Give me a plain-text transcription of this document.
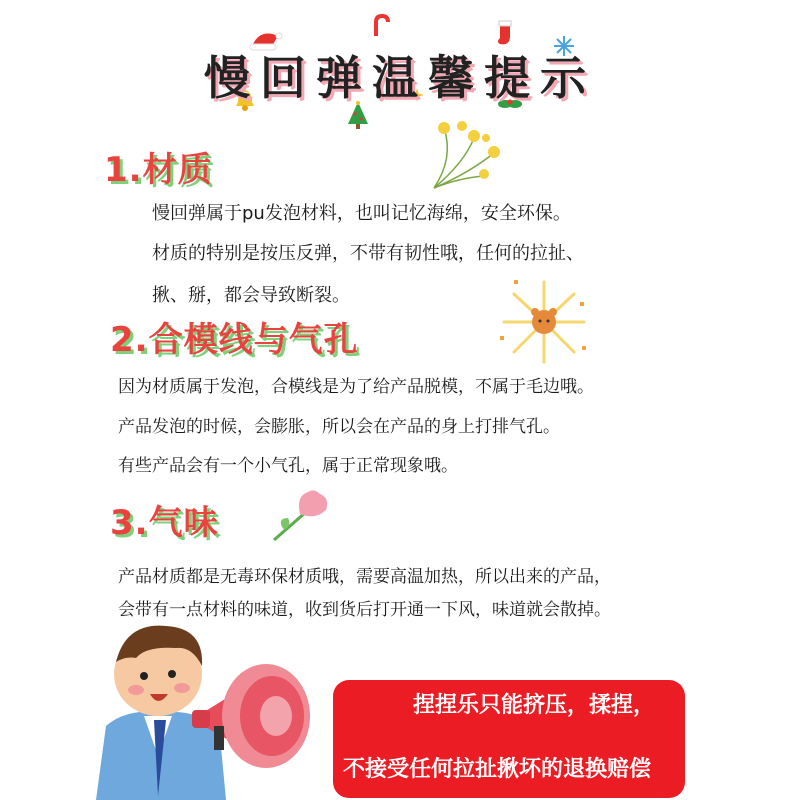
慢回弹温馨提示
1.材质
慢回弹属于pu发泡材料，也叫记忆海绵，安全环保。
材质的特别是按压反弹，不带有韧性哦，任何的拉扯、
揪、掰，都会导致断裂。
2.合模线与气孔
因为材质属于发泡，合模线是为了给产品脱模，不属于毛边哦。
产品发泡的时候，会膨胀，所以会在产品的身上打排气孔。
有些产品会有一个小气孔，属于正常现象哦。
3.气味
产品材质都是无毒环保材质哦，需要高温加热，所以出来的产品，
会带有一点材料的味道，收到货后打开通一下风，味道就会散掉。
捏捏乐只能挤压，揉捏，
不接受任何拉扯揪坏的退换赔偿
